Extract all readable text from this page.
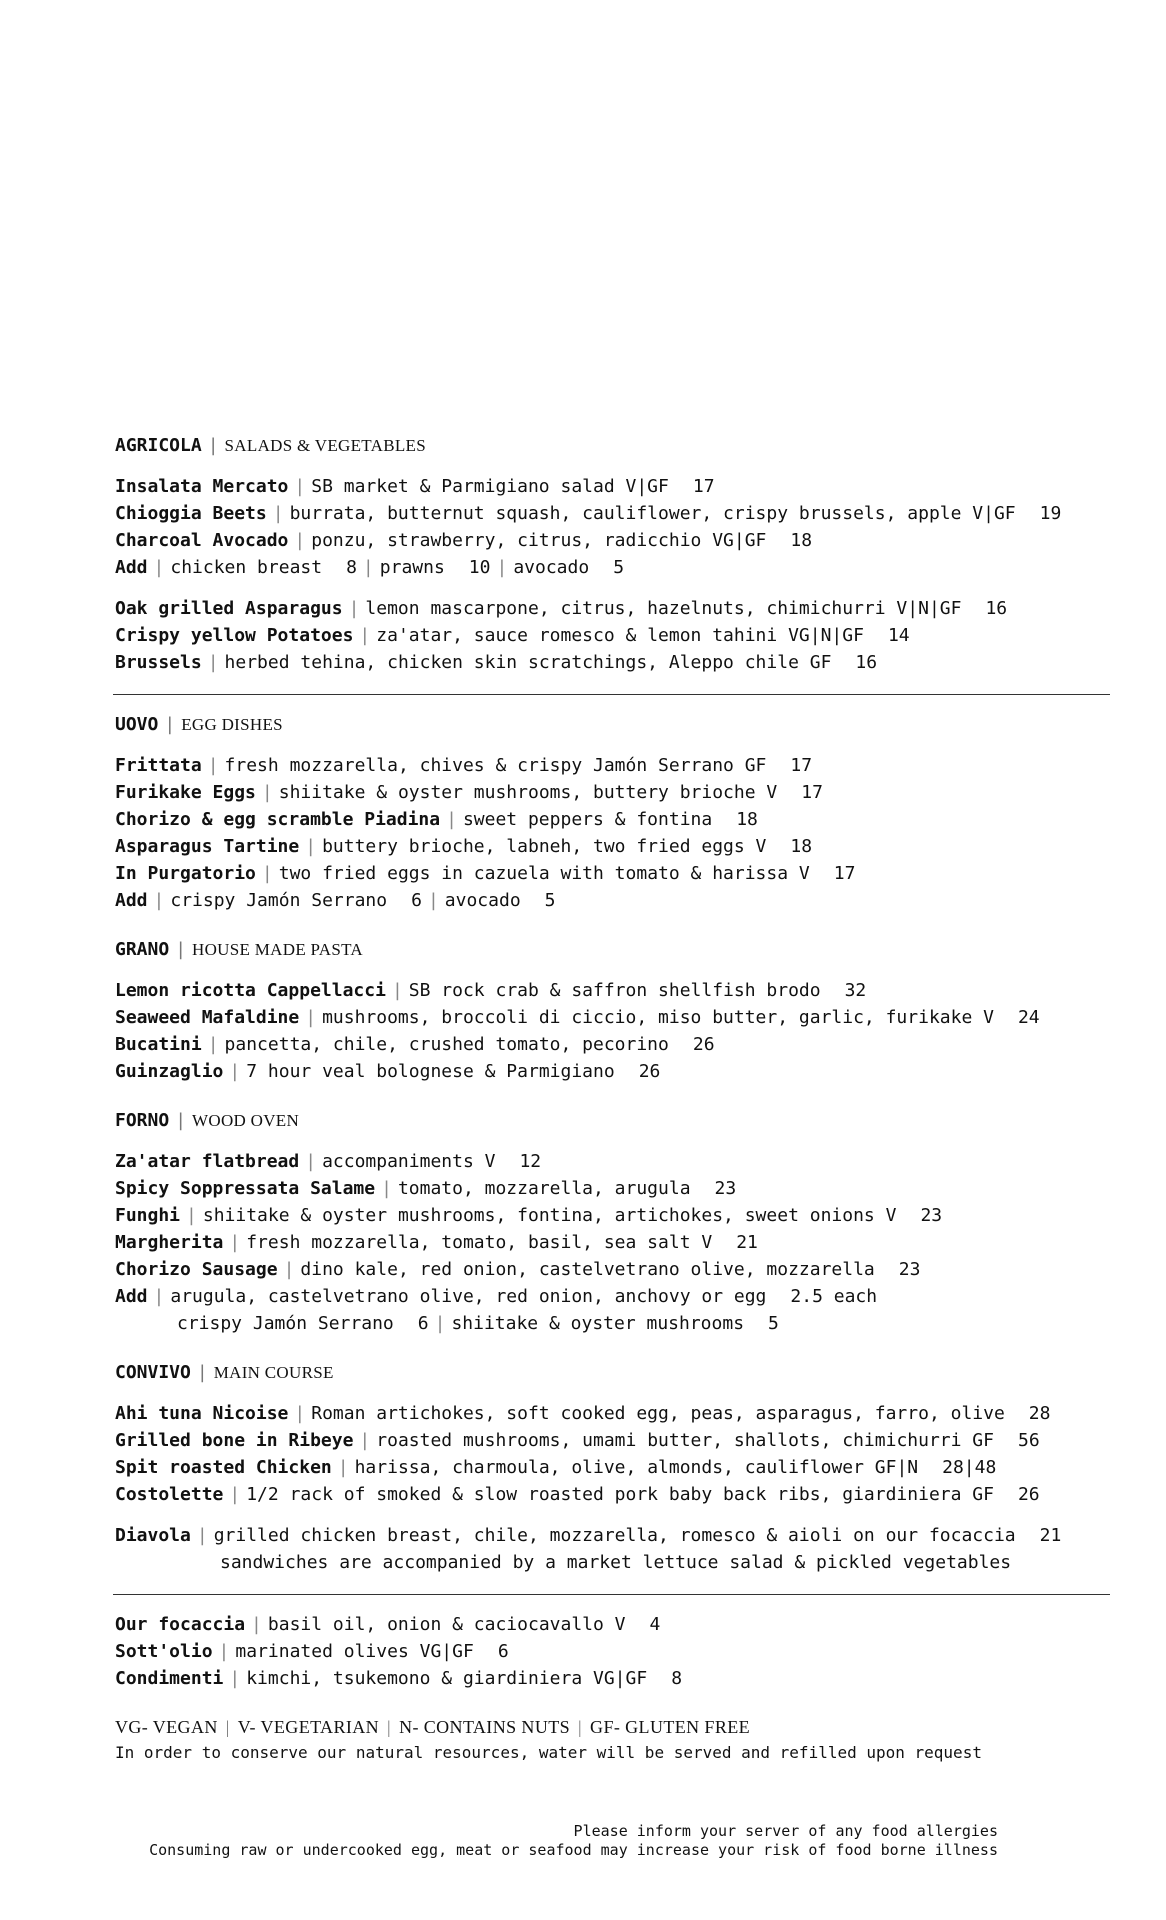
AGRICOLA | SALADS & VEGETABLES
Insalata Mercato | SB market & Parmigiano salad V|GF 17
Chioggia Beets | burrata, butternut squash, cauliflower, crispy brussels, apple V|GF 19
Charcoal Avocado | ponzu, strawberry, citrus, radicchio VG|GF 18
Add | chicken breast 8 | prawns 10 | avocado 5
Oak grilled Asparagus | lemon mascarpone, citrus, hazelnuts, chimichurri V|N|GF 16
Crispy yellow Potatoes | za'atar, sauce romesco & lemon tahini VG|N|GF 14
Brussels | herbed tehina, chicken skin scratchings, Aleppo chile GF 16
UOVO | EGG DISHES
Frittata | fresh mozzarella, chives & crispy Jamón Serrano GF 17
Furikake Eggs | shiitake & oyster mushrooms, buttery brioche V 17
Chorizo & egg scramble Piadina | sweet peppers & fontina 18
Asparagus Tartine | buttery brioche, labneh, two fried eggs V 18
In Purgatorio | two fried eggs in cazuela with tomato & harissa V 17
Add | crispy Jamón Serrano 6 | avocado 5
GRANO | HOUSE MADE PASTA
Lemon ricotta Cappellacci | SB rock crab & saffron shellfish brodo 32
Seaweed Mafaldine | mushrooms, broccoli di ciccio, miso butter, garlic, furikake V 24
Bucatini | pancetta, chile, crushed tomato, pecorino 26
Guinzaglio | 7 hour veal bolognese & Parmigiano 26
FORNO | WOOD OVEN
Za'atar flatbread | accompaniments V 12
Spicy Soppressata Salame | tomato, mozzarella, arugula 23
Funghi | shiitake & oyster mushrooms, fontina, artichokes, sweet onions V 23
Margherita | fresh mozzarella, tomato, basil, sea salt V 21
Chorizo Sausage | dino kale, red onion, castelvetrano olive, mozzarella 23
Add | arugula, castelvetrano olive, red onion, anchovy or egg 2.5 each
crispy Jamón Serrano 6 | shiitake & oyster mushrooms 5
CONVIVO | MAIN COURSE
Ahi tuna Nicoise | Roman artichokes, soft cooked egg, peas, asparagus, farro, olive 28
Grilled bone in Ribeye | roasted mushrooms, umami butter, shallots, chimichurri GF 56
Spit roasted Chicken | harissa, charmoula, olive, almonds, cauliflower GF|N 28|48
Costolette | 1/2 rack of smoked & slow roasted pork baby back ribs, giardiniera GF 26
Diavola | grilled chicken breast, chile, mozzarella, romesco & aioli on our focaccia 21
sandwiches are accompanied by a market lettuce salad & pickled vegetables
Our focaccia | basil oil, onion & caciocavallo V 4
Sott'olio | marinated olives VG|GF 6
Condimenti | kimchi, tsukemono & giardiniera VG|GF 8
VG- VEGAN | V- VEGETARIAN | N- CONTAINS NUTS | GF- GLUTEN FREE
In order to conserve our natural resources, water will be served and refilled upon request
Please inform your server of any food allergies
Consuming raw or undercooked egg, meat or seafood may increase your risk of food borne illness
